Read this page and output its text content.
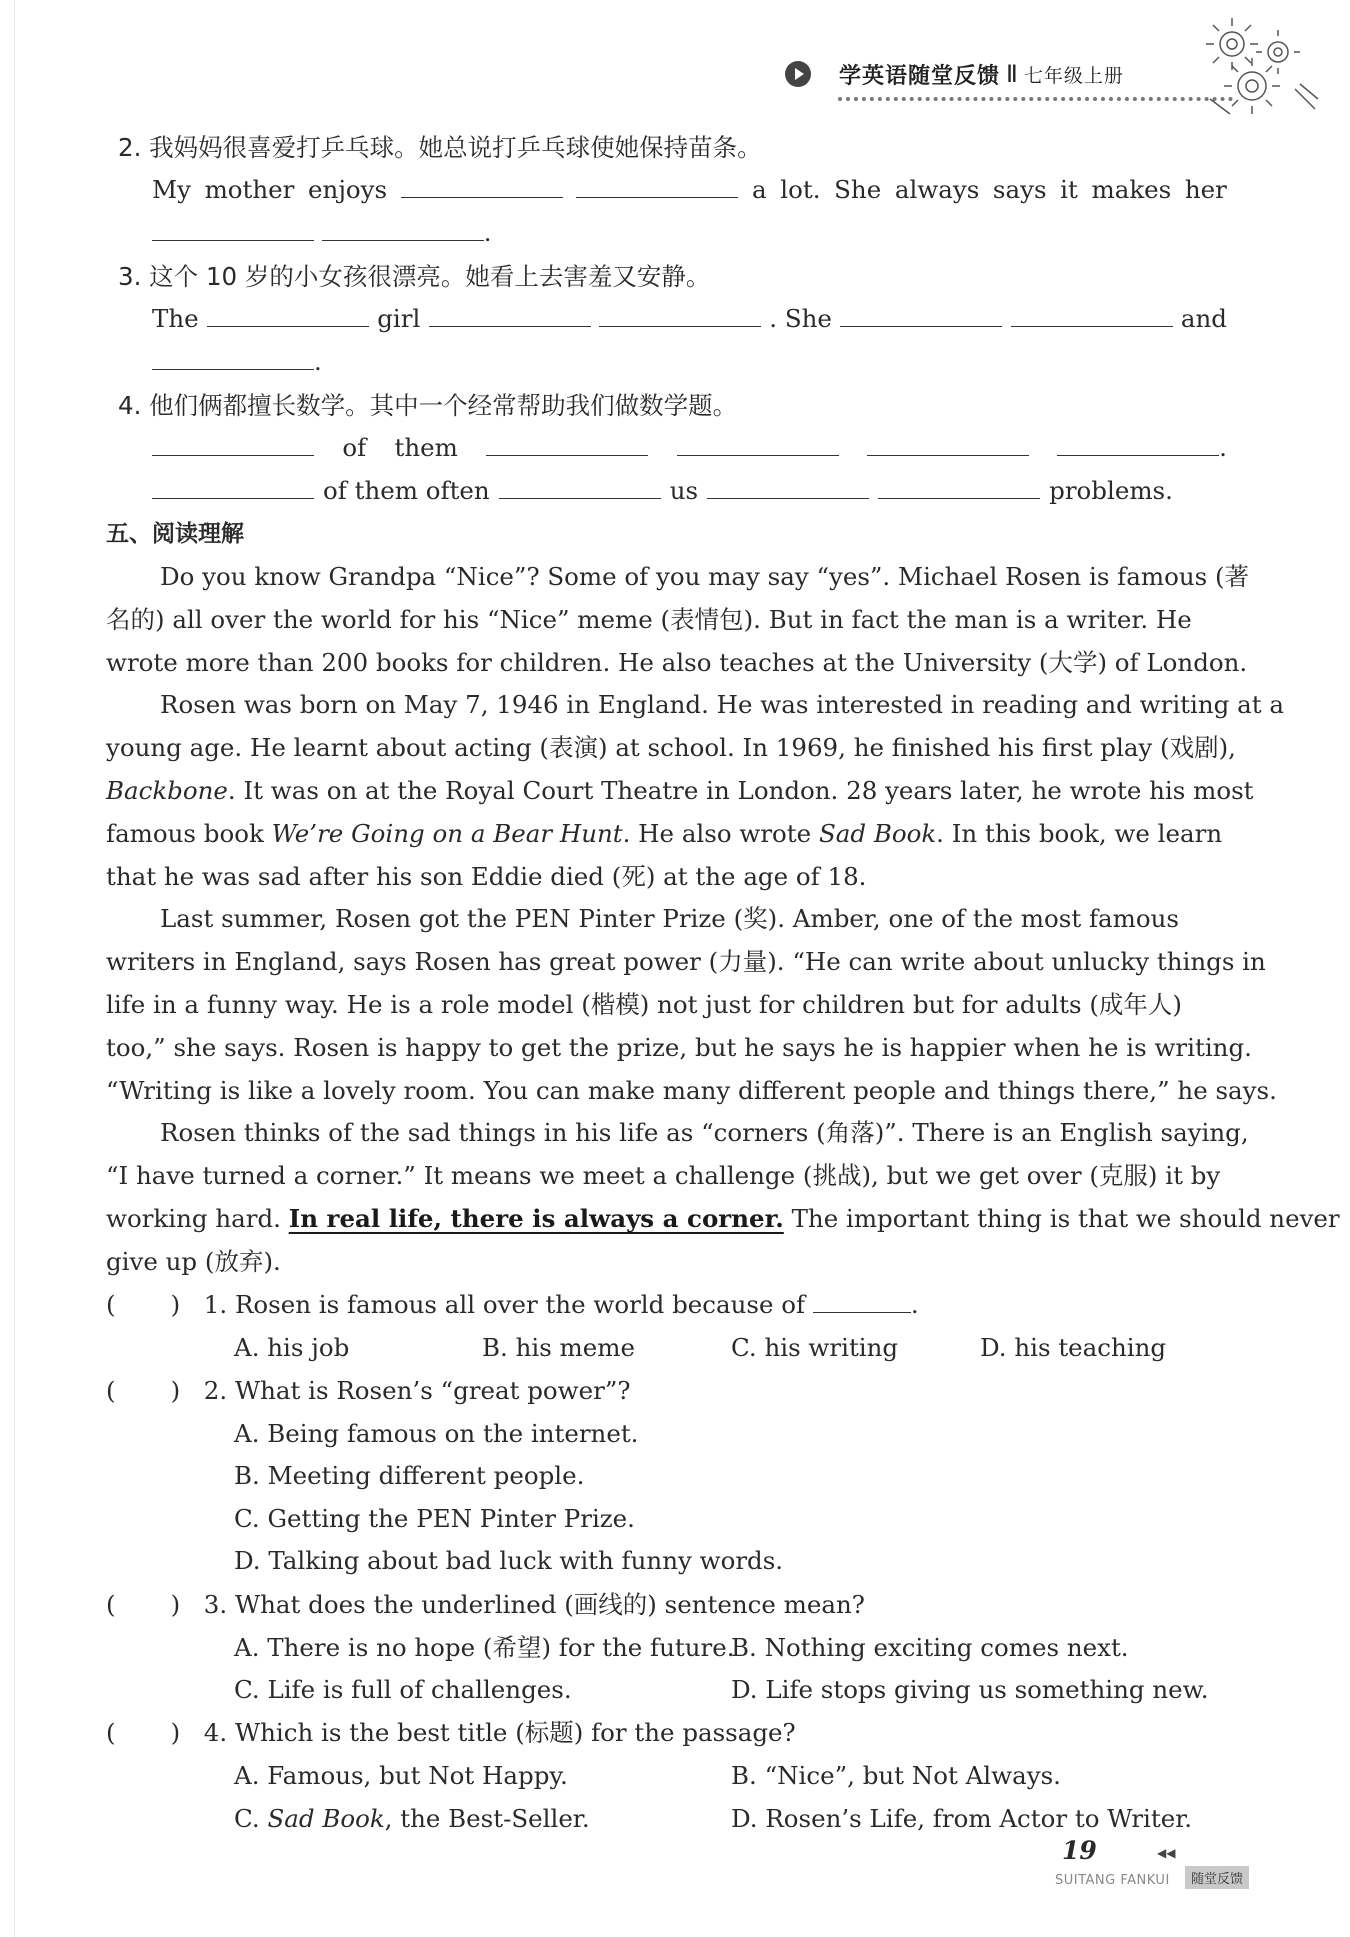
学英语随堂反馈 Ⅱ 七年级上册
2. 我妈妈很喜爱打乒乓球。她总说打乒乓球使她保持苗条。
My mother enjoys	a lot. She always says it makes her
.
3. 这个 10 岁的小女孩很漂亮。她看上去害羞又安静。
The	girl	. She	and
.
4. 他们俩都擅长数学。其中一个经常帮助我们做数学题。
of them	.
of them often	us	problems.
五、阅读理解
Do you know Grandpa “Nice”? Some of you may say “yes”. Michael Rosen is famous (著
名的) all over the world for his “Nice” meme (表情包). But in fact the man is a writer. He
wrote more than 200 books for children. He also teaches at the University (大学) of London.
Rosen was born on May 7, 1946 in England. He was interested in reading and writing at a
young age. He learnt about acting (表演) at school. In 1969, he finished his first play (戏剧),
Backbone. It was on at the Royal Court Theatre in London. 28 years later, he wrote his most
famous book We’re Going on a Bear Hunt. He also wrote Sad Book. In this book, we learn
that he was sad after his son Eddie died (死) at the age of 18.
Last summer, Rosen got the PEN Pinter Prize (奖). Amber, one of the most famous
writers in England, says Rosen has great power (力量). “He can write about unlucky things in
life in a funny way. He is a role model (楷模) not just for children but for adults (成年人)
too,” she says. Rosen is happy to get the prize, but he says he is happier when he is writing.
“Writing is like a lovely room. You can make many different people and things there,” he says.
Rosen thinks of the sad things in his life as “corners (角落)”. There is an English saying,
“I have turned a corner.” It means we meet a challenge (挑战), but we get over (克服) it by
working hard. In real life, there is always a corner. The important thing is that we should never
give up (放弃).
( ) 1. Rosen is famous all over the world because of	.
A. his job	B. his meme	C. his writing	D. his teaching
( ) 2. What is Rosen’s “great power”?
A. Being famous on the internet.
B. Meeting different people.
C. Getting the PEN Pinter Prize.
D. Talking about bad luck with funny words.
( ) 3. What does the underlined (画线的) sentence mean?
A. There is no hope (希望) for the future.
B. Nothing exciting comes next.
C. Life is full of challenges.	D. Life stops giving us something new.
( ) 4. Which is the best title (标题) for the passage?
A. Famous, but Not Happy.	B. “Nice”, but Not Always.
C. Sad Book, the Best-Seller.	D. Rosen’s Life, from Actor to Writer.
19	◀◀
SUITANG FANKUI	随堂反馈
